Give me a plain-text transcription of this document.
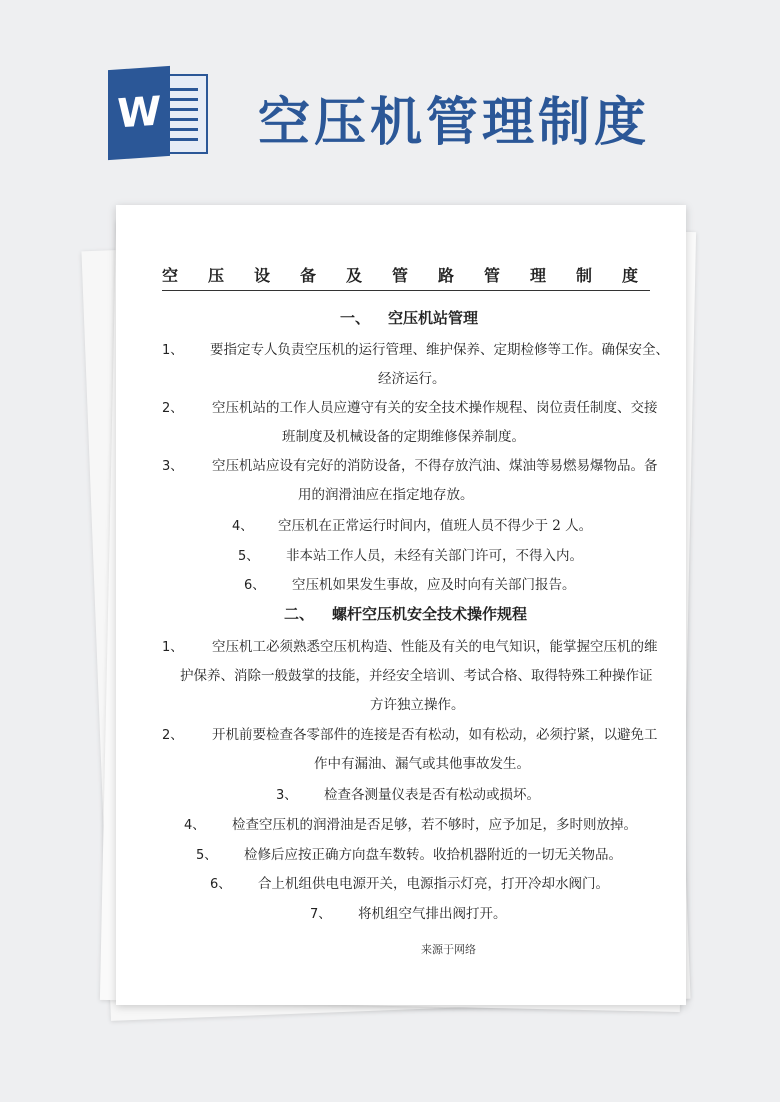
W 空压机管理制度
空压设备及管路管理制度
一、 空压机站管理
1、 要指定专人负责空压机的运行管理、维护保养、定期检修等工作。确保安全、
经济运行。
2、 空压机站的工作人员应遵守有关的安全技术操作规程、岗位责任制度、交接
班制度及机械设备的定期维修保养制度。
3、 空压机站应设有完好的消防设备，不得存放汽油、煤油等易燃易爆物品。备
用的润滑油应在指定地存放。
4、 空压机在正常运行时间内，值班人员不得少于 2 人。
5、 非本站工作人员，未经有关部门许可，不得入内。
6、 空压机如果发生事故，应及时向有关部门报告。
二、 螺杆空压机安全技术操作规程
1、 空压机工必须熟悉空压机构造、性能及有关的电气知识，能掌握空压机的维
护保养、消除一般鼓掌的技能，并经安全培训、考试合格、取得特殊工种操作证
方许独立操作。
2、 开机前要检查各零部件的连接是否有松动，如有松动，必须拧紧，以避免工
作中有漏油、漏气或其他事故发生。
3、 检查各测量仪表是否有松动或损坏。
4、 检查空压机的润滑油是否足够，若不够时，应予加足，多时则放掉。
5、 检修后应按正确方向盘车数转。收拾机器附近的一切无关物品。
6、 合上机组供电电源开关，电源指示灯亮，打开冷却水阀门。
7、 将机组空气排出阀打开。
来源于网络
